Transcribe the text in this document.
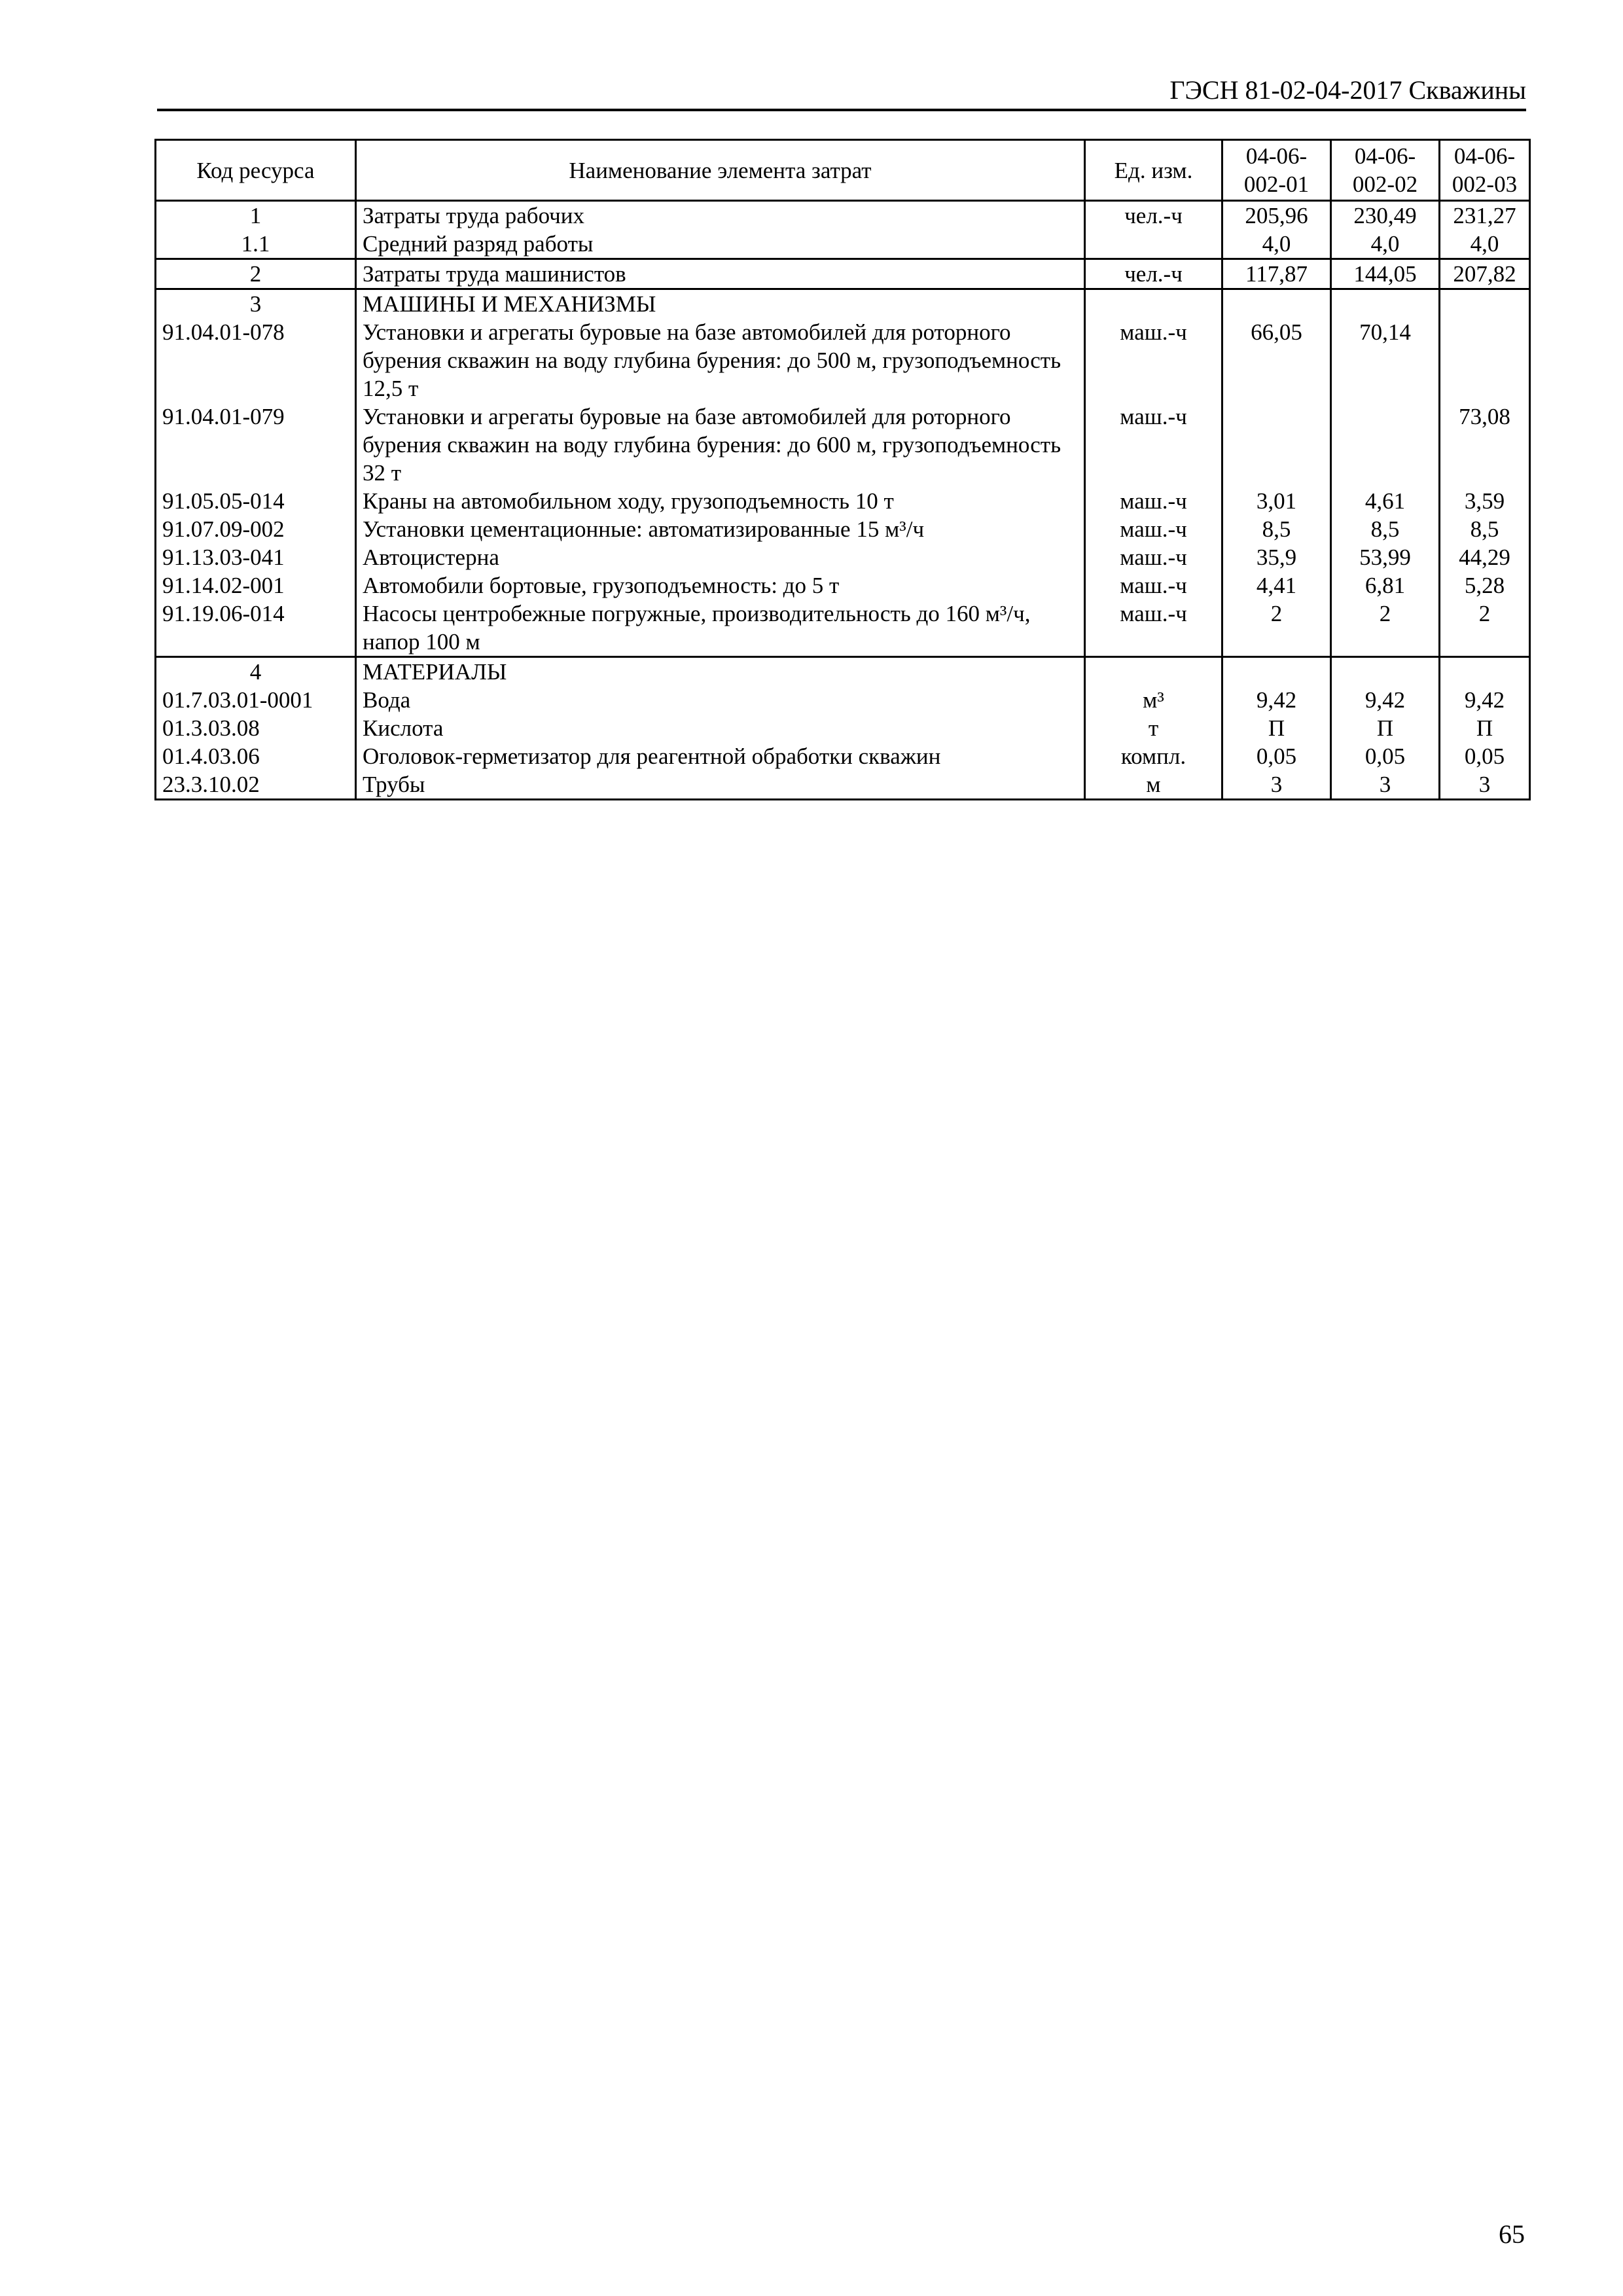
ГЭСН 81-02-04-2017 Скважины
Код ресурса	Наименование элемента затрат	Ед. изм.	04-06-002-01	04-06-002-02	04-06-002-03
1	Затраты труда рабочих	чел.-ч	205,96	230,49	231,27
1.1	Средний разряд работы		4,0	4,0	4,0
2	Затраты труда машинистов	чел.-ч	117,87	144,05	207,82
3	МАШИНЫ И МЕХАНИЗМЫ				
91.04.01-078	Установки и агрегаты буровые на базе автомобилей для роторного бурения скважин на воду глубина бурения: до 500 м, грузоподъемность 12,5 т	маш.-ч	66,05	70,14	
91.04.01-079	Установки и агрегаты буровые на базе автомобилей для роторного бурения скважин на воду глубина бурения: до 600 м, грузоподъемность 32 т	маш.-ч			73,08
91.05.05-014	Краны на автомобильном ходу, грузоподъемность 10 т	маш.-ч	3,01	4,61	3,59
91.07.09-002	Установки цементационные: автоматизированные 15 м³/ч	маш.-ч	8,5	8,5	8,5
91.13.03-041	Автоцистерна	маш.-ч	35,9	53,99	44,29
91.14.02-001	Автомобили бортовые, грузоподъемность: до 5 т	маш.-ч	4,41	6,81	5,28
91.19.06-014	Насосы центробежные погружные, производительность до 160 м³/ч, напор 100 м	маш.-ч	2	2	2
4	МАТЕРИАЛЫ				
01.7.03.01-0001	Вода	м³	9,42	9,42	9,42
01.3.03.08	Кислота	т	П	П	П
01.4.03.06	Оголовок-герметизатор для реагентной обработки скважин	компл.	0,05	0,05	0,05
23.3.10.02	Трубы	м	3	3	3
65
